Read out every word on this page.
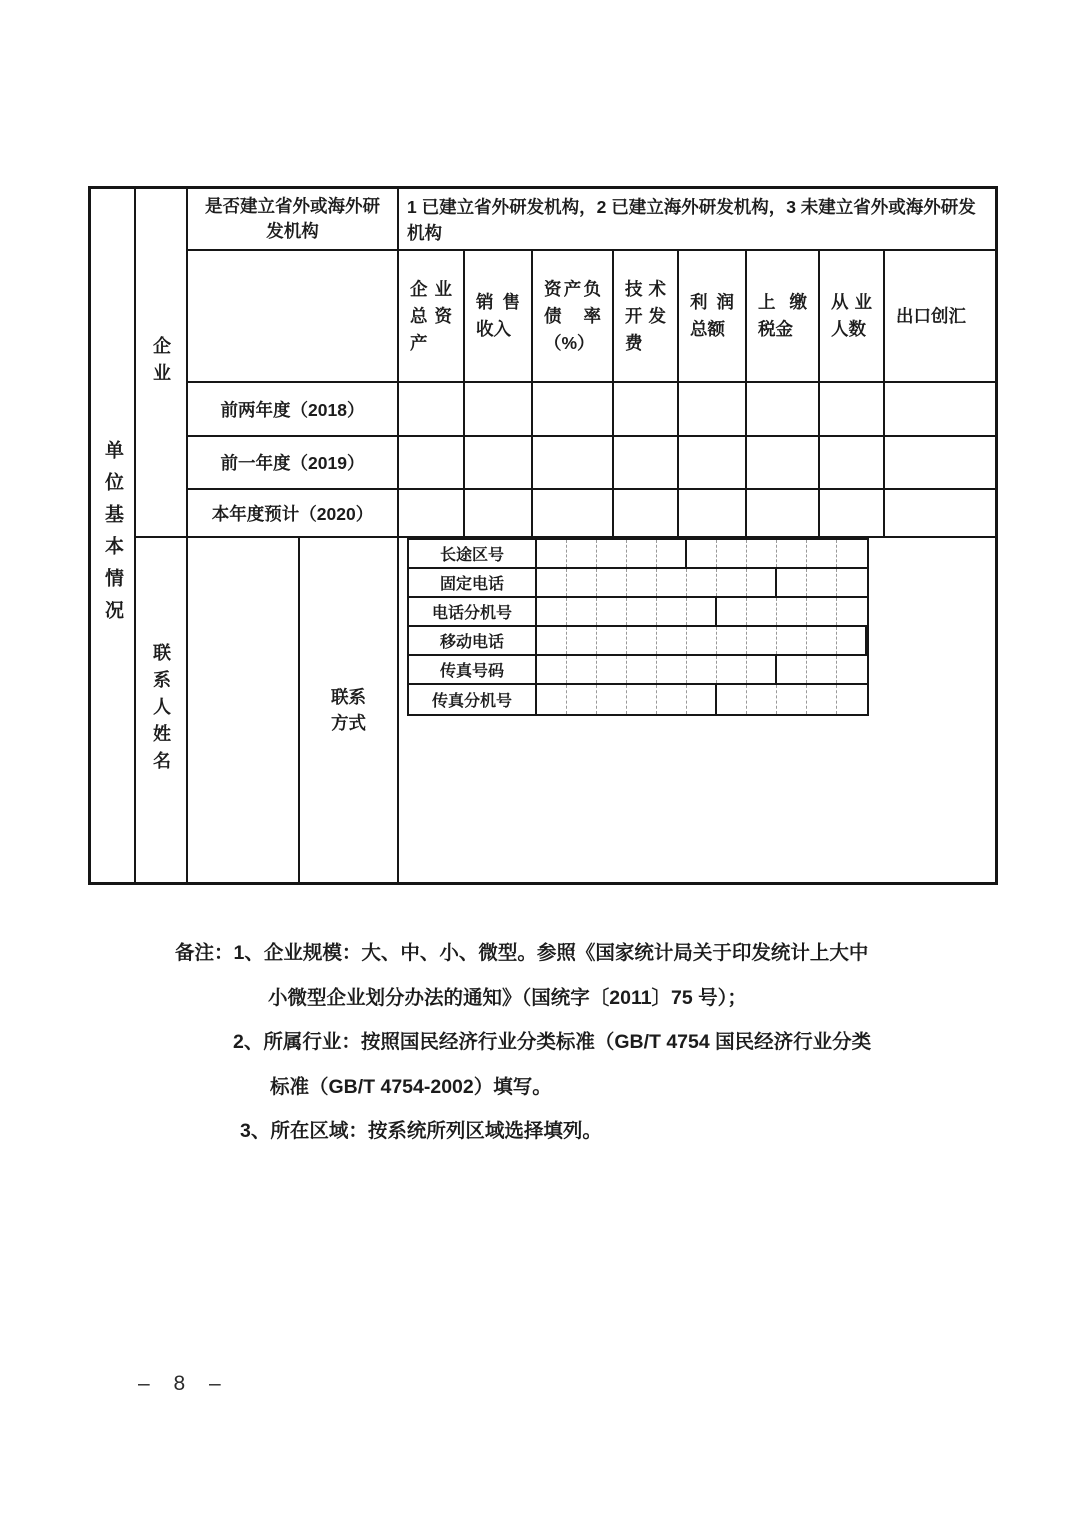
单位基本情况
企业
联系人姓名
是否建立省外或海外研发机构
1 已建立省外研发机构，2 已建立海外研发机构，3 未建立省外或海外研发机构
企业总资产
销售收入
资产负债率（%）
技术开发费
利润总额
上缴税金
从业人数
出口创汇
前两年度（2018）
前一年度（2019）
本年度预计（2020）
联系方式
长途区号
固定电话
电话分机号
移动电话
传真号码
传真分机号
备注：1、企业规模：大、中、小、微型。参照《国家统计局关于印发统计上大中
小微型企业划分办法的通知》（国统字〔2011〕75 号）；
2、所属行业：按照国民经济行业分类标准（GB/T 4754 国民经济行业分类
标准（GB/T 4754-2002）填写。
3、所在区域：按系统所列区域选择填列。
– 8 –
